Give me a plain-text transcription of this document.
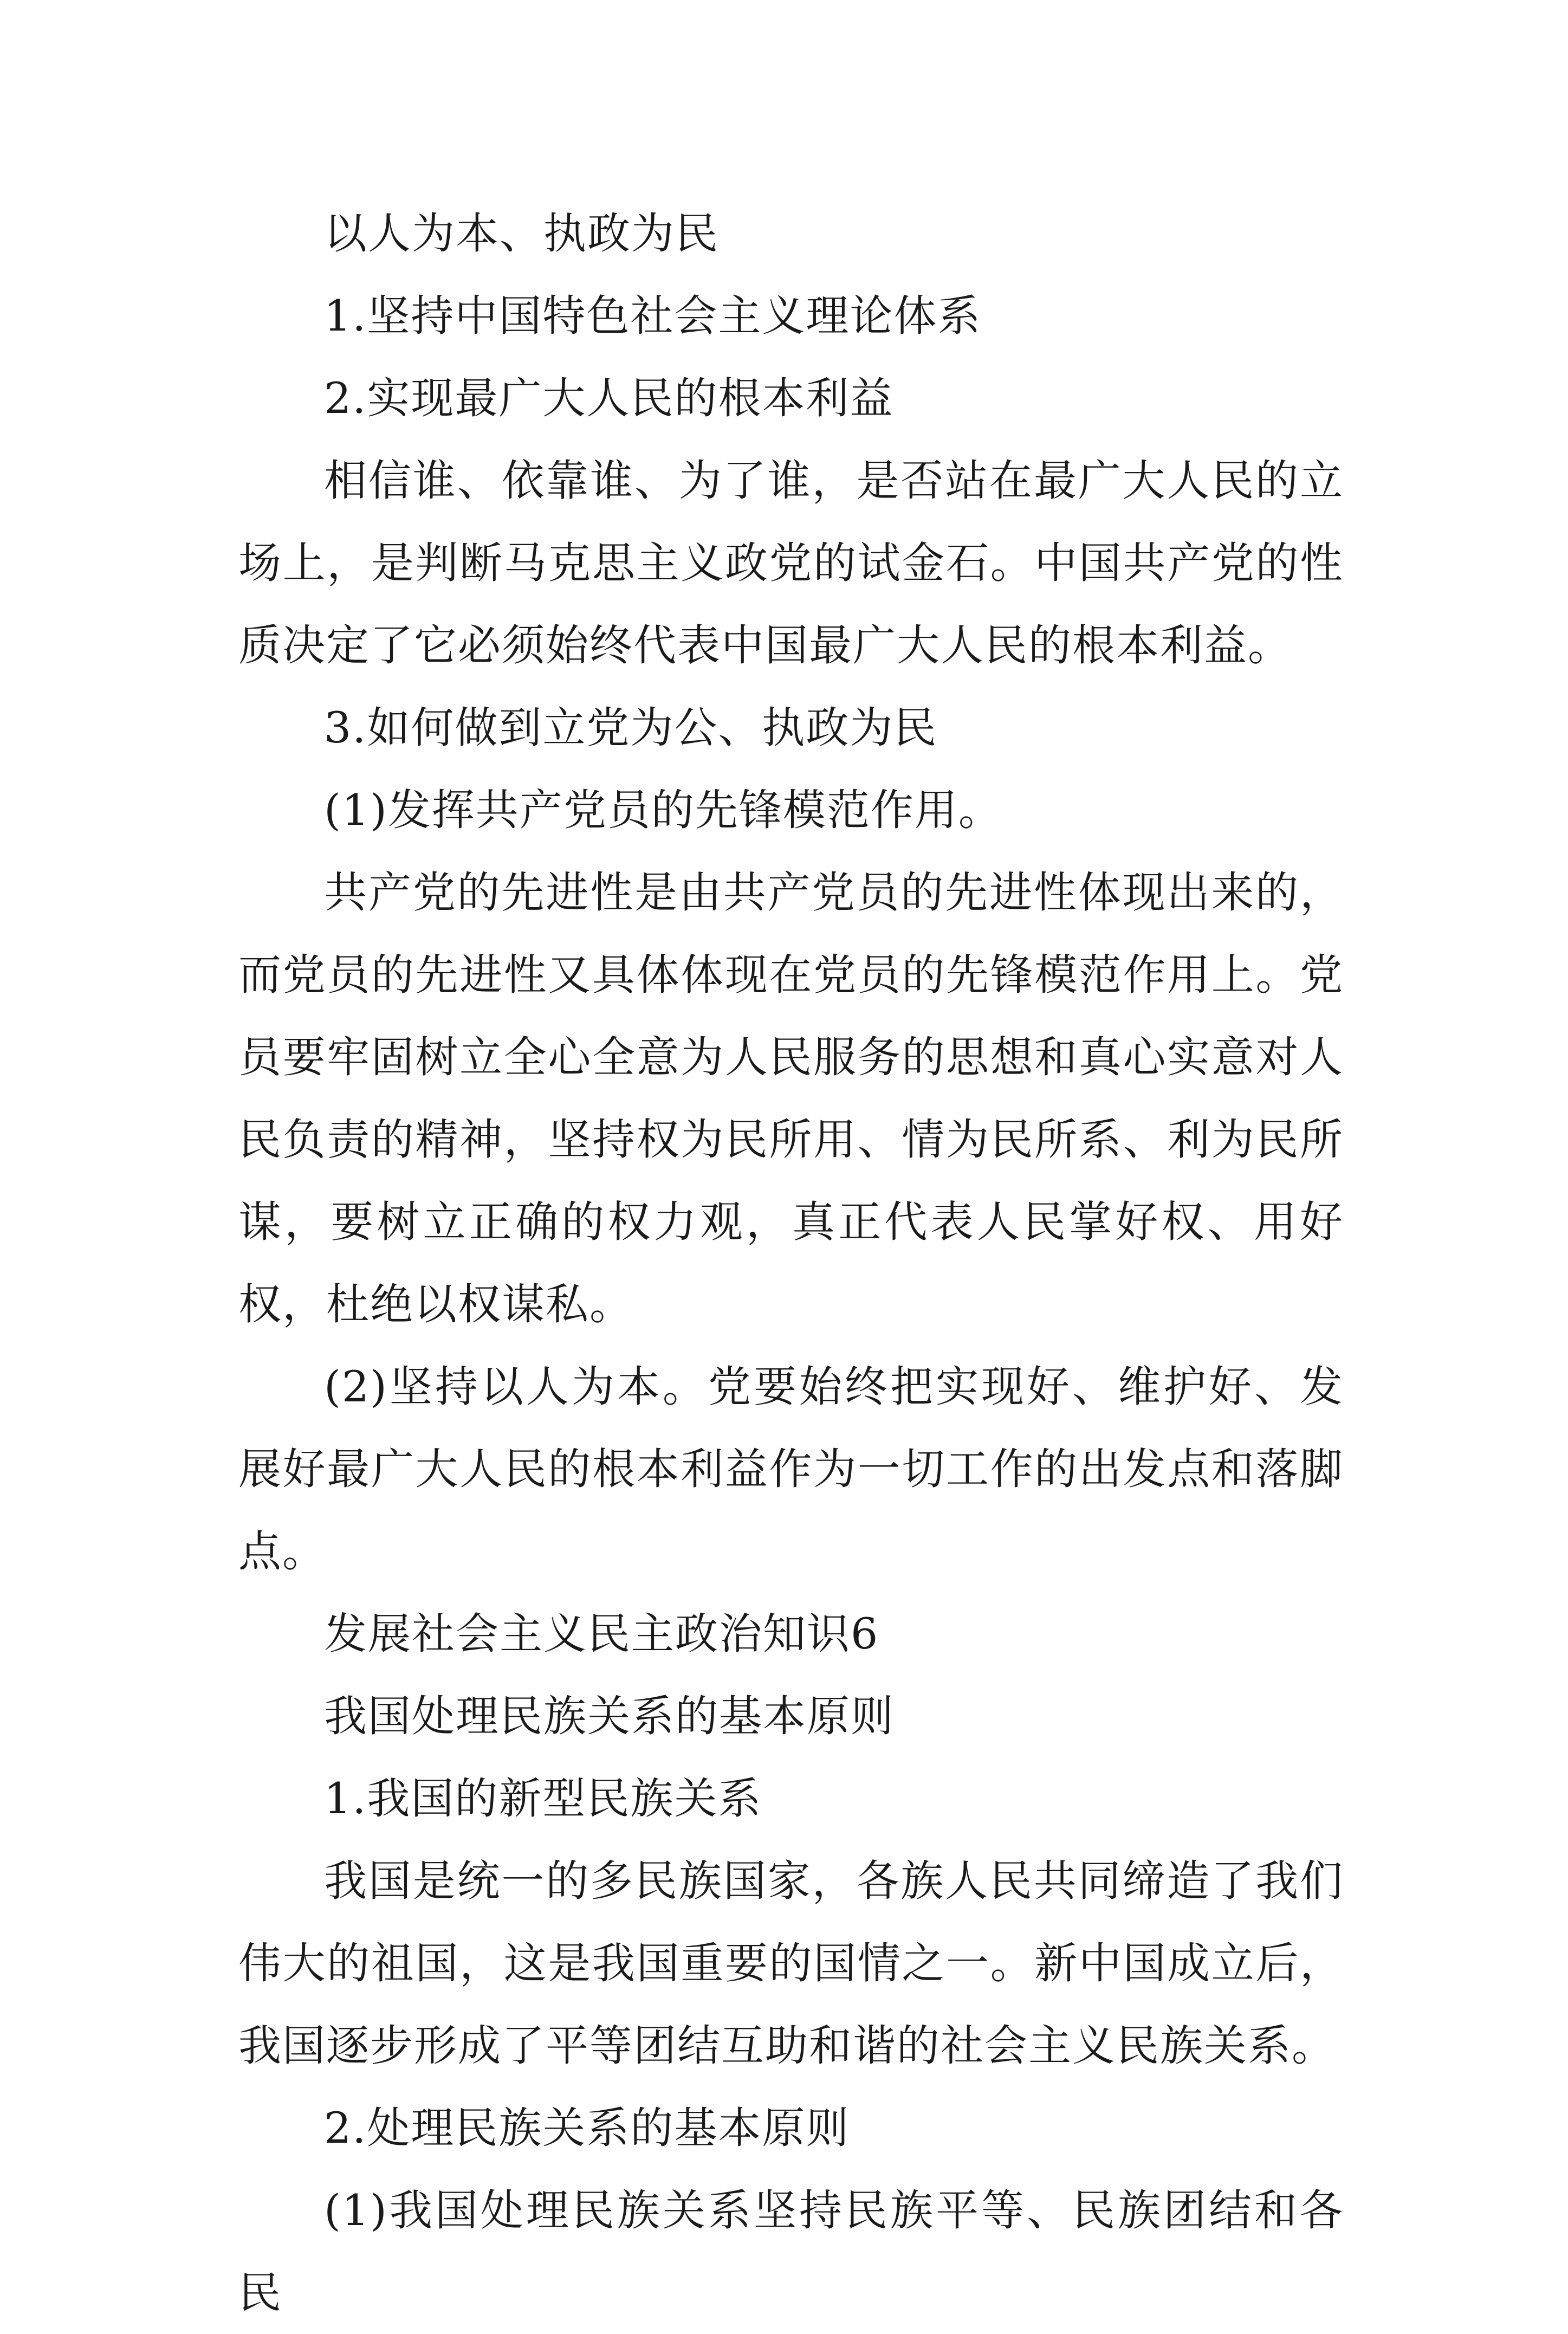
以人为本、执政为民

1.坚持中国特色社会主义理论体系

2.实现最广大人民的根本利益

相信谁、依靠谁、为了谁，是否站在最广大人民的立场上，是判断马克思主义政党的试金石。中国共产党的性质决定了它必须始终代表中国最广大人民的根本利益。

3.如何做到立党为公、执政为民

(1)发挥共产党员的先锋模范作用。

共产党的先进性是由共产党员的先进性体现出来的，而党员的先进性又具体体现在党员的先锋模范作用上。党员要牢固树立全心全意为人民服务的思想和真心实意对人民负责的精神，坚持权为民所用、情为民所系、利为民所谋，要树立正确的权力观，真正代表人民掌好权、用好权，杜绝以权谋私。

(2)坚持以人为本。党要始终把实现好、维护好、发展好最广大人民的根本利益作为一切工作的出发点和落脚点。

发展社会主义民主政治知识6

我国处理民族关系的基本原则

1.我国的新型民族关系

我国是统一的多民族国家，各族人民共同缔造了我们伟大的祖国，这是我国重要的国情之一。新中国成立后，我国逐步形成了平等团结互助和谐的社会主义民族关系。

2.处理民族关系的基本原则

(1)我国处理民族关系坚持民族平等、民族团结和各民
